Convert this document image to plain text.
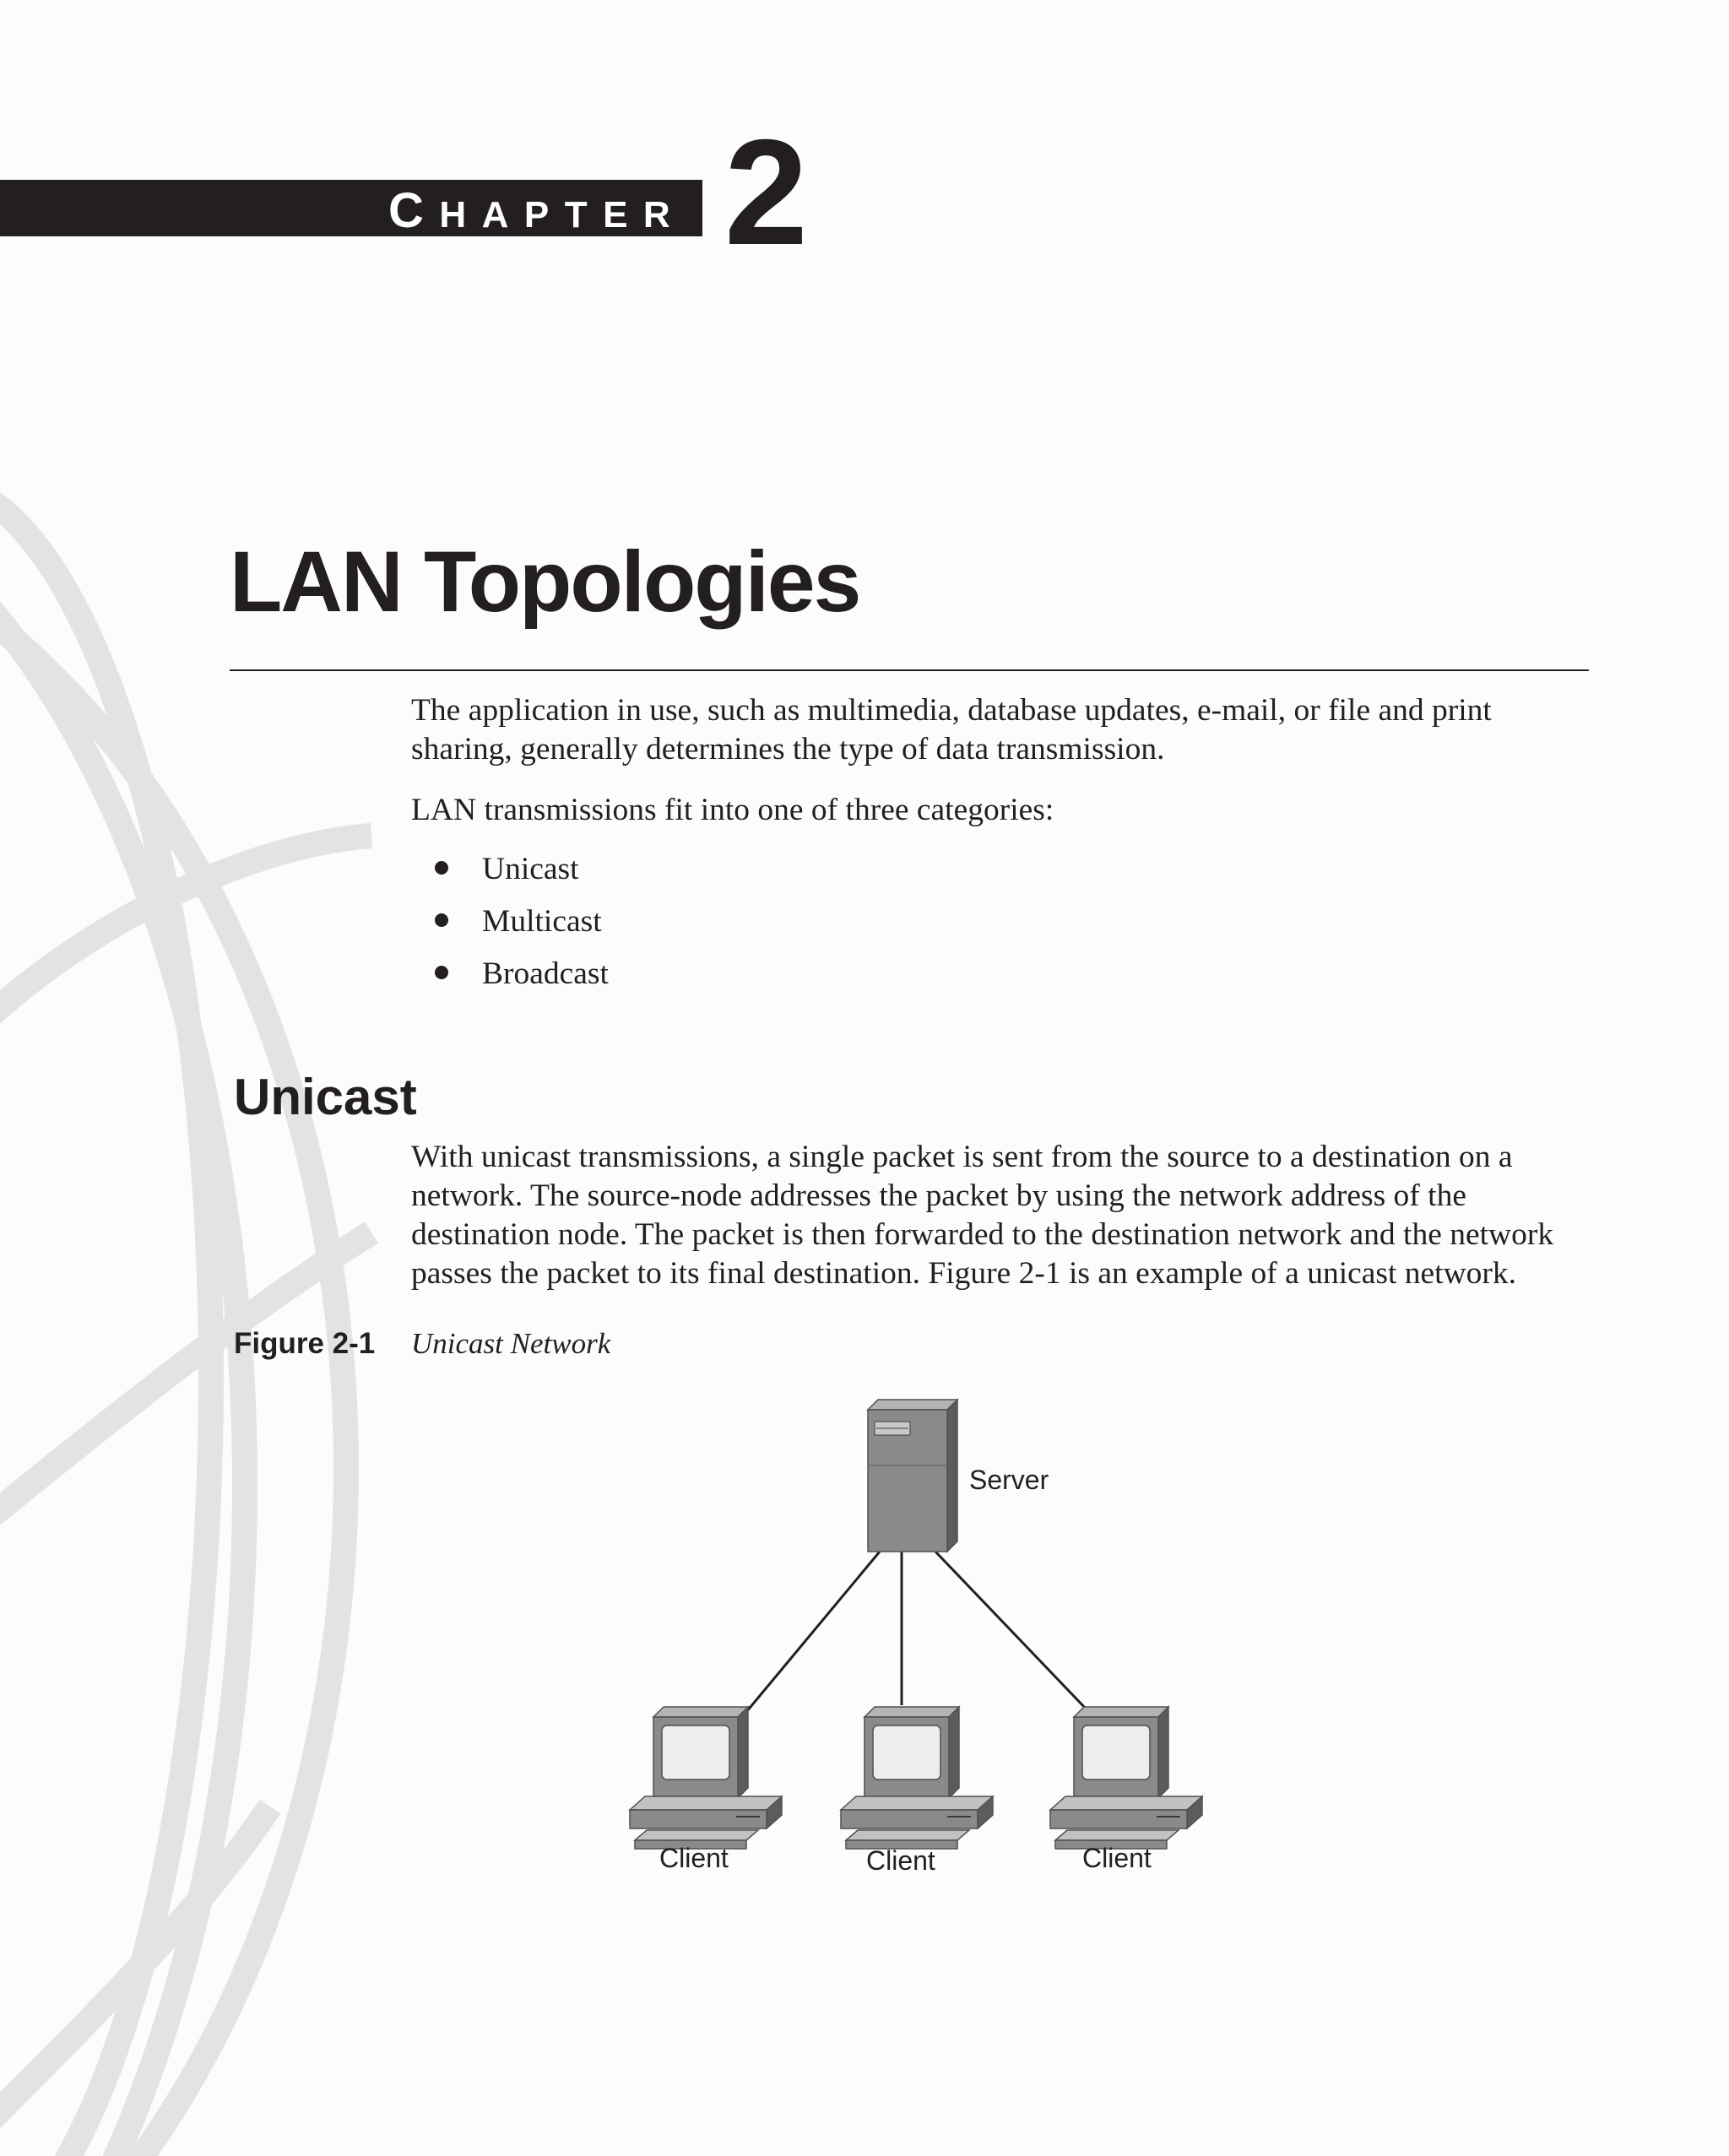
CHAPTER 2
LAN Topologies

The application in use, such as multimedia, database updates, e-mail, or file and print sharing, generally determines the type of data transmission.

LAN transmissions fit into one of three categories:

Unicast
Multicast
Broadcast
Unicast

With unicast transmissions, a single packet is sent from the source to a destination on a network. The source-node addresses the packet by using the network address of the destination node. The packet is then forwarded to the destination network and the network passes the packet to its final destination. Figure 2-1 is an example of a unicast network.

Figure 2-1 Unicast Network
Server
Client	Client	Client
